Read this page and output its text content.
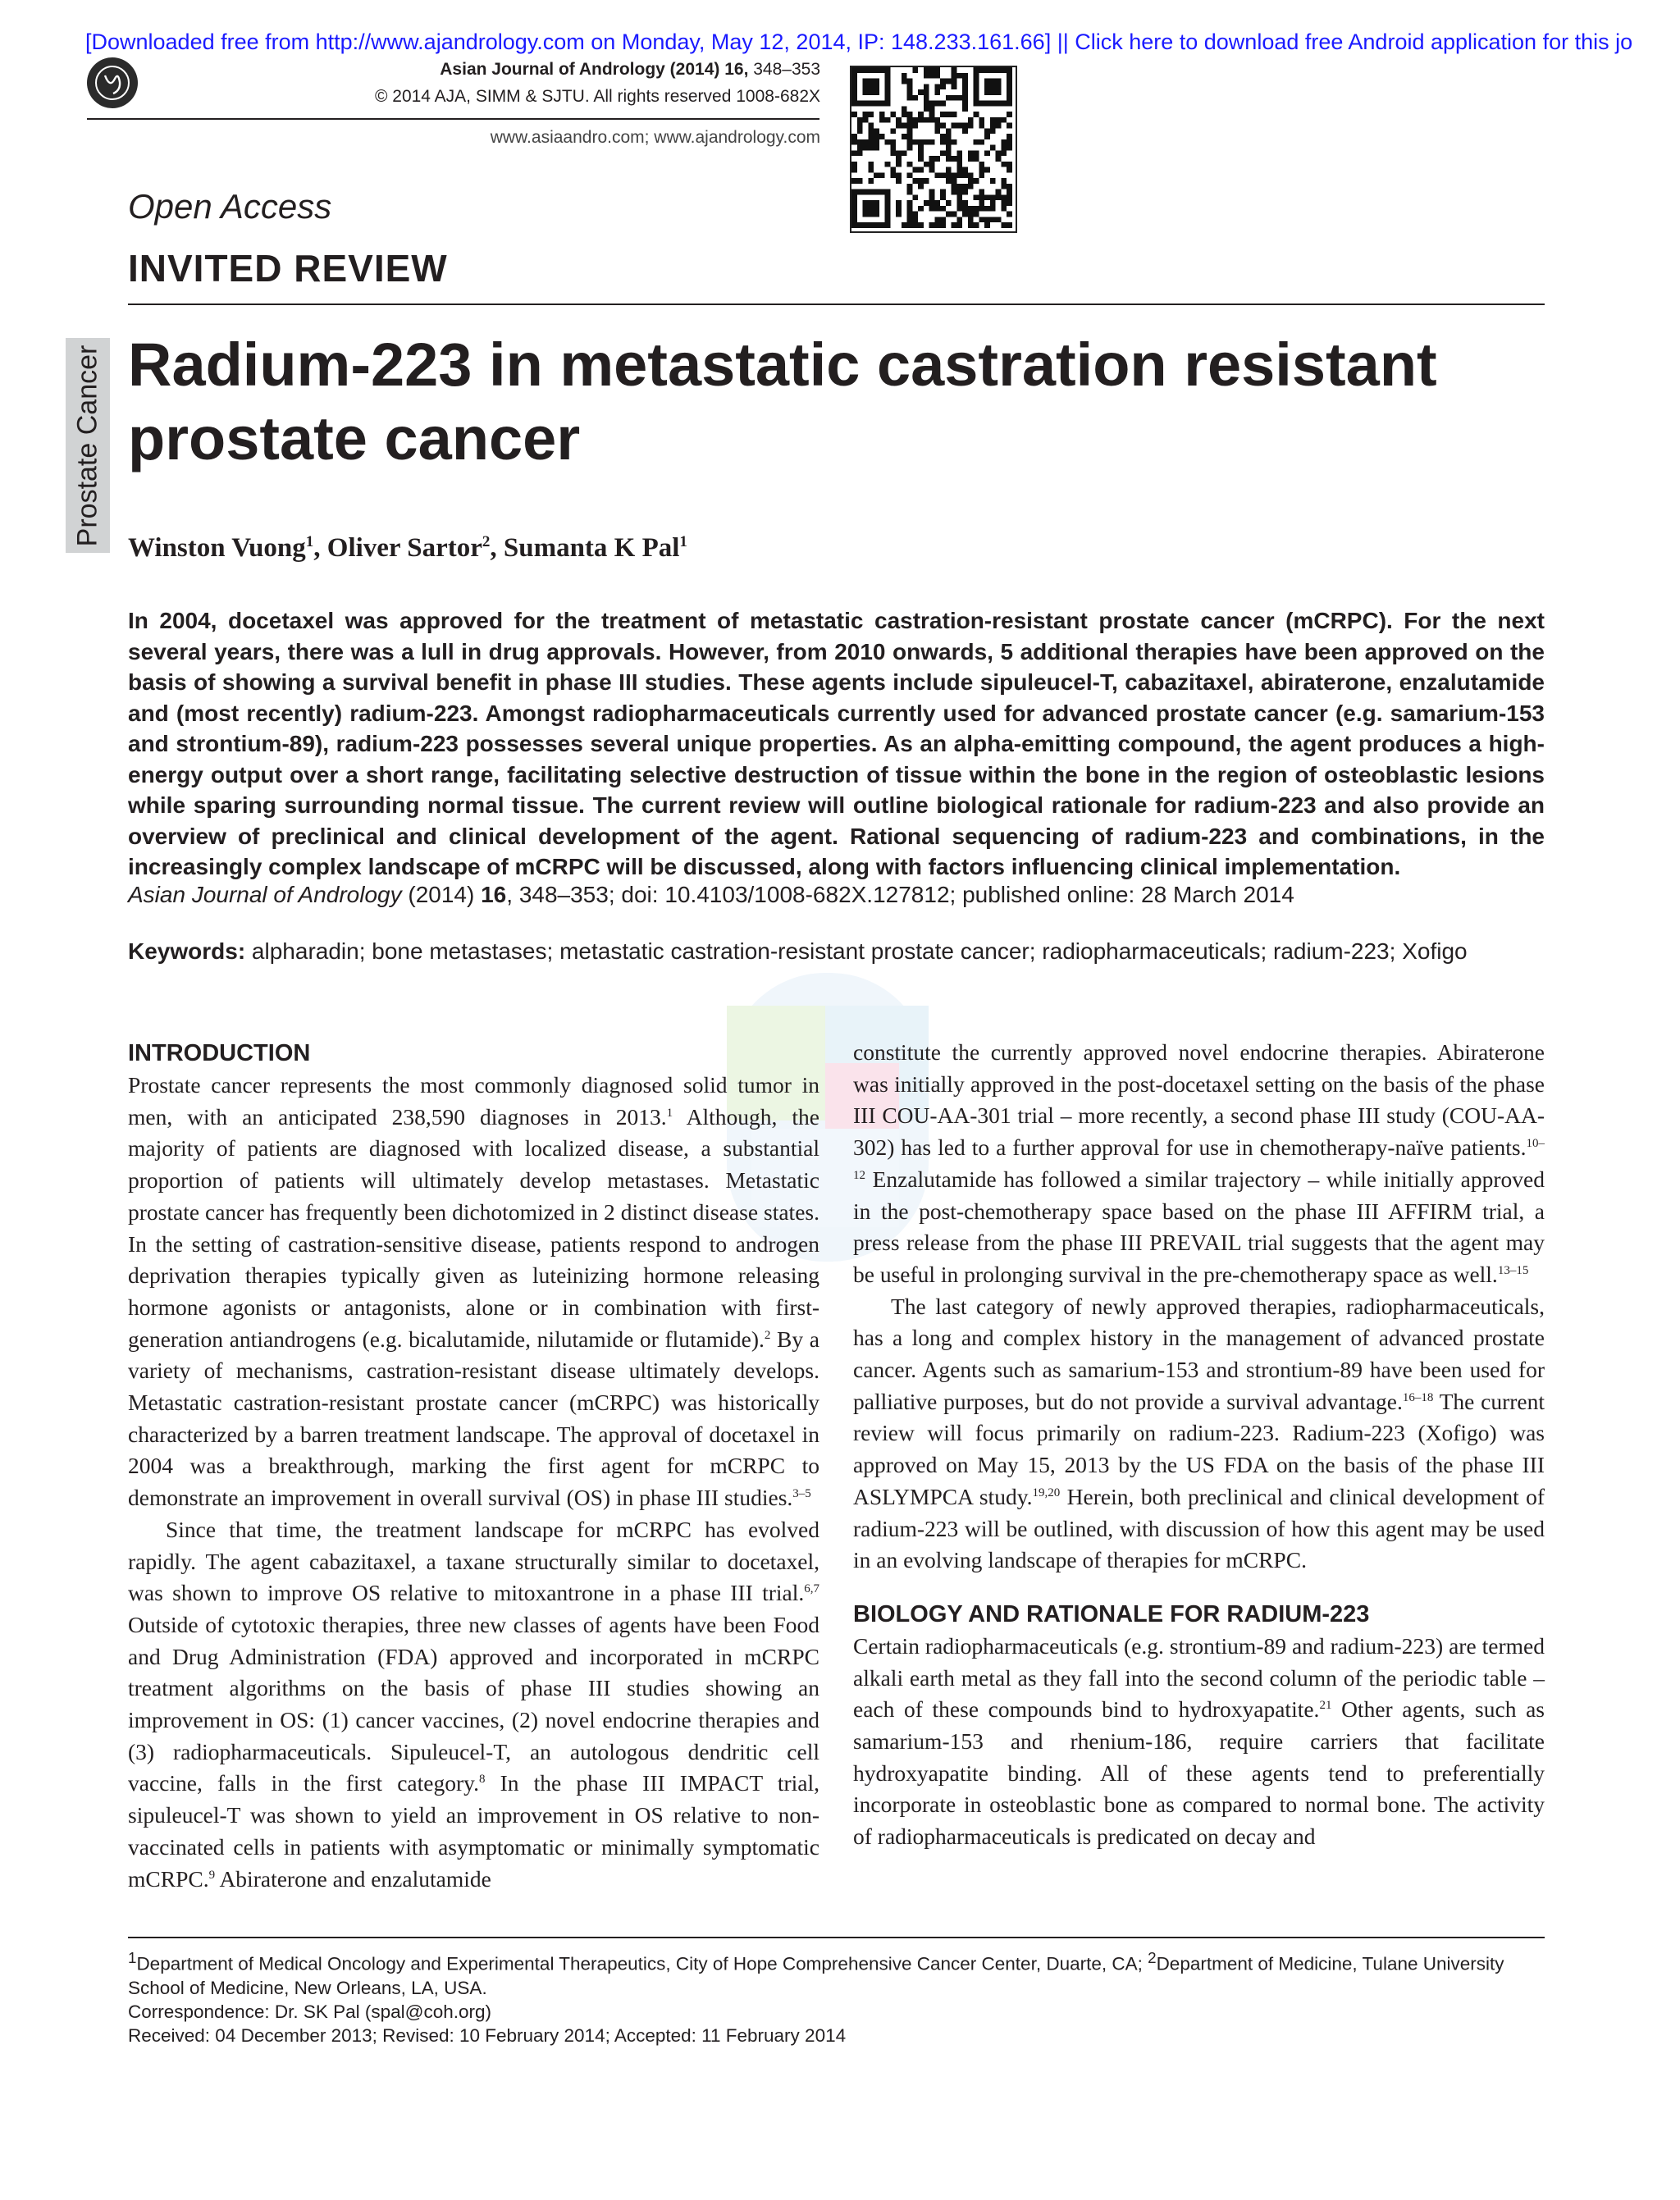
[Downloaded free from http://www.ajandrology.com on Monday, May 12, 2014, IP: 148.233.161.66] || Click here to download free Android application for this jo
Asian Journal of Andrology (2014) 16, 348–353
© 2014 AJA, SIMM & SJTU. All rights reserved 1008-682X
www.asiaandro.com; www.ajandrology.com
Open Access
INVITED REVIEW
Prostate Cancer Radium-223 in metastatic castration resistant prostate cancer
Winston Vuong$^1$, Oliver Sartor$^2$, Sumanta K Pal$^1$
In 2004, docetaxel was approved for the treatment of metastatic castration-resistant prostate cancer (mCRPC). For the next several years, there was a lull in drug approvals. However, from 2010 onwards, 5 additional therapies have been approved on the basis of showing a survival benefit in phase III studies. These agents include sipuleucel-T, cabazitaxel, abiraterone, enzalutamide and (most recently) radium-223. Amongst radiopharmaceuticals currently used for advanced prostate cancer (e.g. samarium-153 and strontium-89), radium-223 possesses several unique properties. As an alpha-emitting compound, the agent produces a high-energy output over a short range, facilitating selective destruction of tissue within the bone in the region of osteoblastic lesions while sparing surrounding normal tissue. The current review will outline biological rationale for radium-223 and also provide an overview of preclinical and clinical development of the agent. Rational sequencing of radium-223 and combinations, in the increasingly complex landscape of mCRPC will be discussed, along with factors influencing clinical implementation.
Asian Journal of Andrology (2014) 16, 348–353; doi: 10.4103/1008-682X.127812; published online: 28 March 2014
Keywords: alpharadin; bone metastases; metastatic castration-resistant prostate cancer; radiopharmaceuticals; radium-223; Xofigo

INTRODUCTION

Prostate cancer represents the most commonly diagnosed solid tumor in men, with an anticipated 238,590 diagnoses in 2013.$^1$ Although, the majority of patients are diagnosed with localized disease, a substantial proportion of patients will ultimately develop metastases. Metastatic prostate cancer has frequently been dichotomized in 2 distinct disease states. In the setting of castration-sensitive disease, patients respond to androgen deprivation therapies typically given as luteinizing hormone releasing hormone agonists or antagonists, alone or in combination with first-generation antiandrogens (e.g. bicalutamide, nilutamide or flutamide).$^2$ By a variety of mechanisms, castration-resistant disease ultimately develops. Metastatic castration-resistant prostate cancer (mCRPC) was historically characterized by a barren treatment landscape. The approval of docetaxel in 2004 was a breakthrough, marking the first agent for mCRPC to demonstrate an improvement in overall survival (OS) in phase III studies.$^{3-5}$

Since that time, the treatment landscape for mCRPC has evolved rapidly. The agent cabazitaxel, a taxane structurally similar to docetaxel, was shown to improve OS relative to mitoxantrone in a phase III trial.$^{6,7}$ Outside of cytotoxic therapies, three new classes of agents have been Food and Drug Administration (FDA) approved and incorporated in mCRPC treatment algorithms on the basis of phase III studies showing an improvement in OS: (1) cancer vaccines, (2) novel endocrine therapies and (3) radiopharmaceuticals. Sipuleucel-T, an autologous dendritic cell vaccine, falls in the first category.$^8$ In the phase III IMPACT trial, sipuleucel-T was shown to yield an improvement in OS relative to non-vaccinated cells in patients with asymptomatic or minimally symptomatic mCRPC.$^9$ Abiraterone and enzalutamide

constitute the currently approved novel endocrine therapies. Abiraterone was initially approved in the post-docetaxel setting on the basis of the phase III COU-AA-301 trial – more recently, a second phase III study (COU-AA-302) has led to a further approval for use in chemotherapy-naïve patients.$^{10-12}$ Enzalutamide has followed a similar trajectory – while initially approved in the post-chemotherapy space based on the phase III AFFIRM trial, a press release from the phase III PREVAIL trial suggests that the agent may be useful in prolonging survival in the pre-chemotherapy space as well.$^{13-15}$

The last category of newly approved therapies, radiopharmaceuticals, has a long and complex history in the management of advanced prostate cancer. Agents such as samarium-153 and strontium-89 have been used for palliative purposes, but do not provide a survival advantage.$^{16-18}$ The current review will focus primarily on radium-223. Radium-223 (Xofigo) was approved on May 15, 2013 by the US FDA on the basis of the phase III ASLYMPCA study.$^{19,20}$ Herein, both preclinical and clinical development of radium-223 will be outlined, with discussion of how this agent may be used in an evolving landscape of therapies for mCRPC.

BIOLOGY AND RATIONALE FOR RADIUM-223

Certain radiopharmaceuticals (e.g. strontium-89 and radium-223) are termed alkali earth metal as they fall into the second column of the periodic table – each of these compounds bind to hydroxyapatite.$^{21}$ Other agents, such as samarium-153 and rhenium-186, require carriers that facilitate hydroxyapatite binding. All of these agents tend to preferentially incorporate in osteoblastic bone as compared to normal bone. The activity of radiopharmaceuticals is predicated on decay and

$^1$Department of Medical Oncology and Experimental Therapeutics, City of Hope Comprehensive Cancer Center, Duarte, CA; $^2$Department of Medicine, Tulane University School of Medicine, New Orleans, LA, USA.
Correspondence: Dr. SK Pal (spal@coh.org)
Received: 04 December 2013; Revised: 10 February 2014; Accepted: 11 February 2014
